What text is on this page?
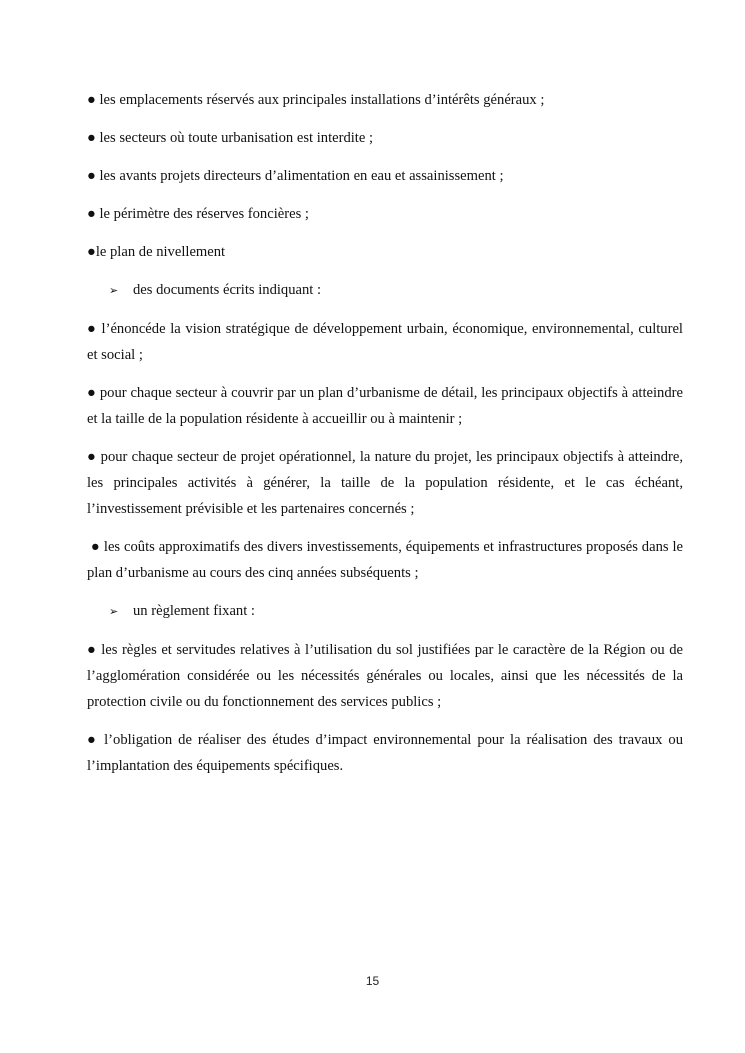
● les emplacements réservés aux principales installations d’intérêts généraux ;

● les secteurs où toute urbanisation est interdite ;

● les avants projets directeurs d’alimentation en eau et assainissement ;

● le périmètre des réserves foncières ;

●le plan de nivellement

➢ des documents écrits indiquant :

● l’énoncéde la vision stratégique de développement urbain, économique, environnemental, culturel et social ;

● pour chaque secteur à couvrir par un plan d’urbanisme de détail, les principaux objectifs à atteindre et la taille de la population résidente à accueillir ou à maintenir ;

● pour chaque secteur de projet opérationnel, la nature du projet, les principaux objectifs à atteindre, les principales activités à générer, la taille de la population résidente, et le cas échéant, l’investissement prévisible et les partenaires concernés ;

● les coûts approximatifs des divers investissements, équipements et infrastructures proposés dans le plan d’urbanisme au cours des cinq années subséquents ;

➢ un règlement fixant :

● les règles et servitudes relatives à l’utilisation du sol justifiées par le caractère de la Région ou de l’agglomération considérée ou les nécessités générales ou locales, ainsi que les nécessités de la protection civile ou du fonctionnement des services publics ;

● l’obligation de réaliser des études d’impact environnemental pour la réalisation des travaux ou l’implantation des équipements spécifiques.

15
